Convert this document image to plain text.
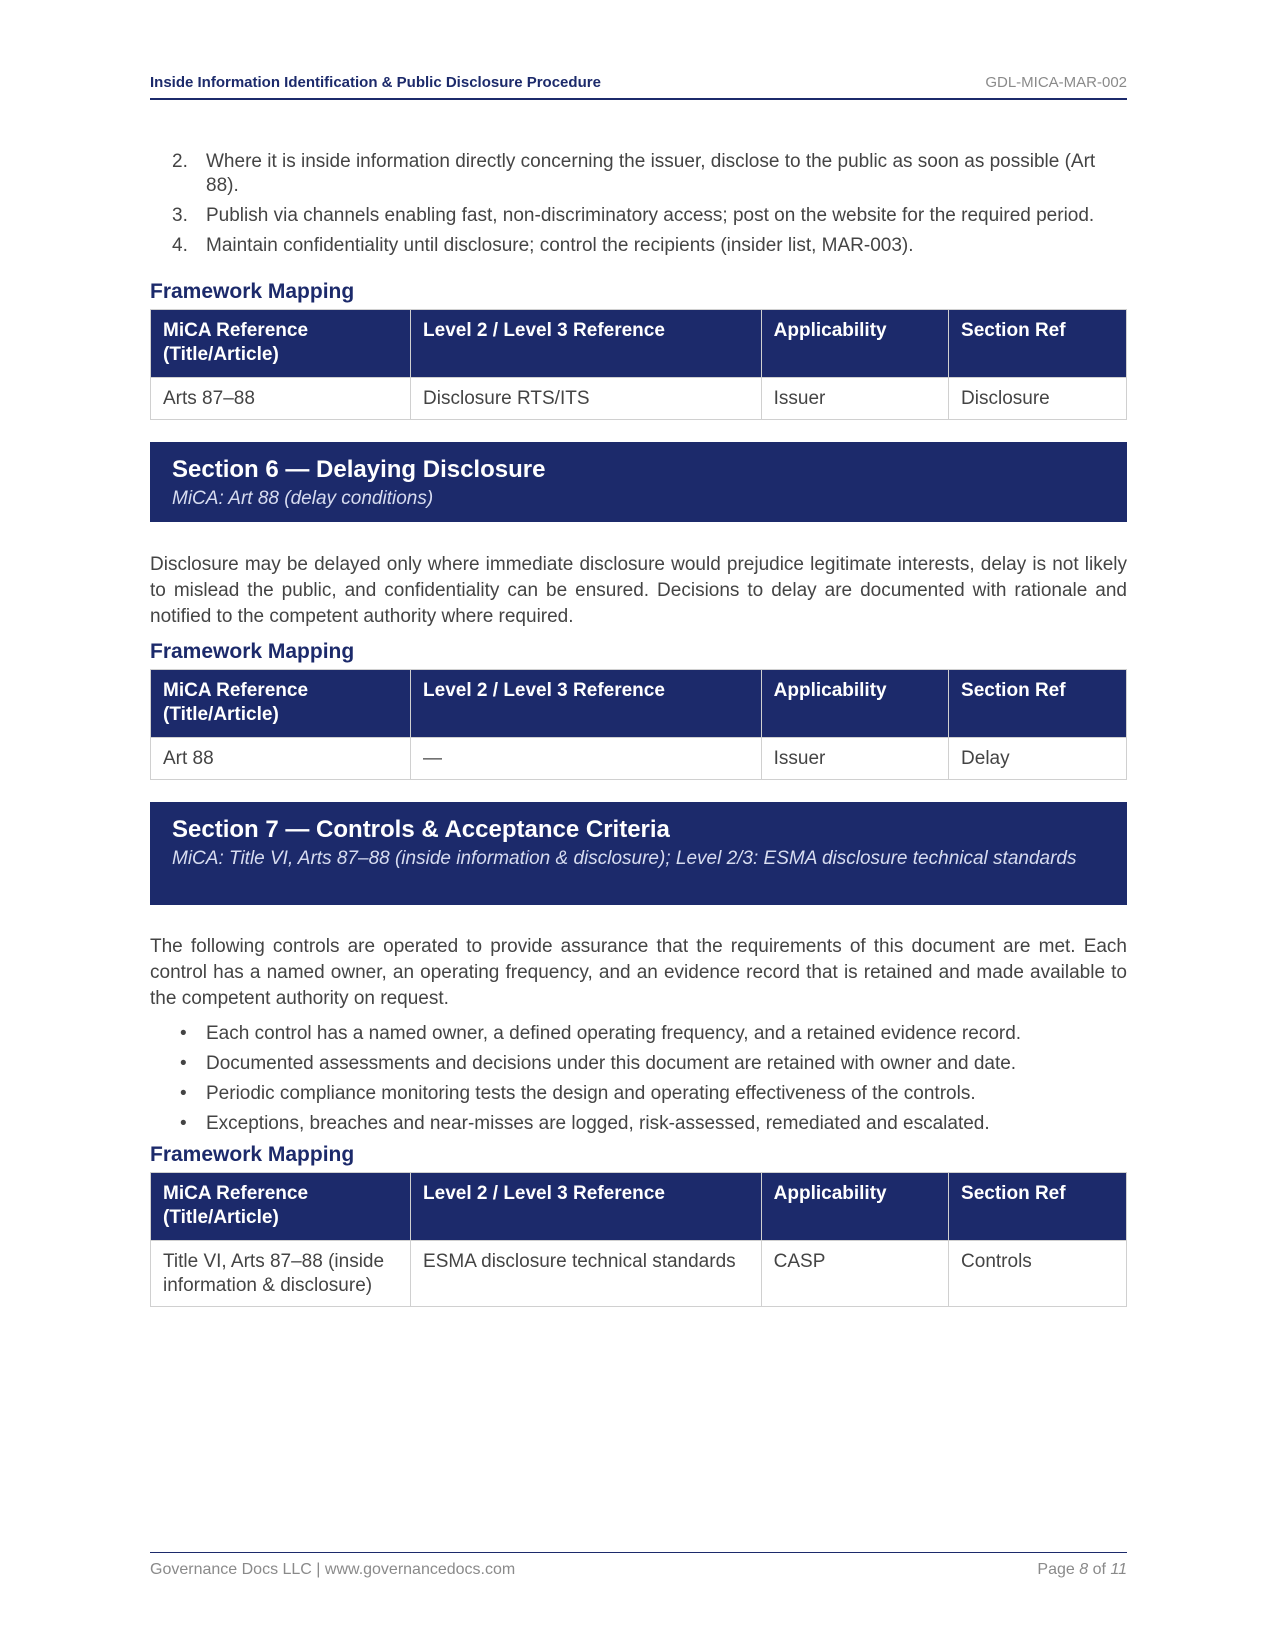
Inside Information Identification & Public Disclosure Procedure	GDL-MICA-MAR-002
2. Where it is inside information directly concerning the issuer, disclose to the public as soon as possible (Art 88).
3. Publish via channels enabling fast, non-discriminatory access; post on the website for the required period.
4. Maintain confidentiality until disclosure; control the recipients (insider list, MAR-003).
Framework Mapping
MiCA Reference (Title/Article)	Level 2 / Level 3 Reference	Applicability	Section Ref
Arts 87–88	Disclosure RTS/ITS	Issuer	Disclosure
Section 6 — Delaying Disclosure
MiCA: Art 88 (delay conditions)

Disclosure may be delayed only where immediate disclosure would prejudice legitimate interests, delay is not likely to mislead the public, and confidentiality can be ensured. Decisions to delay are documented with rationale and notified to the competent authority where required.

Framework Mapping
MiCA Reference (Title/Article)	Level 2 / Level 3 Reference	Applicability	Section Ref
Art 88	—	Issuer	Delay
Section 7 — Controls & Acceptance Criteria
MiCA: Title VI, Arts 87–88 (inside information & disclosure); Level 2/3: ESMA disclosure technical standards

The following controls are operated to provide assurance that the requirements of this document are met. Each control has a named owner, an operating frequency, and an evidence record that is retained and made available to the competent authority on request.

• Each control has a named owner, a defined operating frequency, and a retained evidence record.
• Documented assessments and decisions under this document are retained with owner and date.
• Periodic compliance monitoring tests the design and operating effectiveness of the controls.
• Exceptions, breaches and near-misses are logged, risk-assessed, remediated and escalated.
Framework Mapping
MiCA Reference (Title/Article)	Level 2 / Level 3 Reference	Applicability	Section Ref
Title VI, Arts 87–88 (inside information & disclosure)	ESMA disclosure technical standards	CASP	Controls
Governance Docs LLC | www.governancedocs.com	Page 8 of 11
